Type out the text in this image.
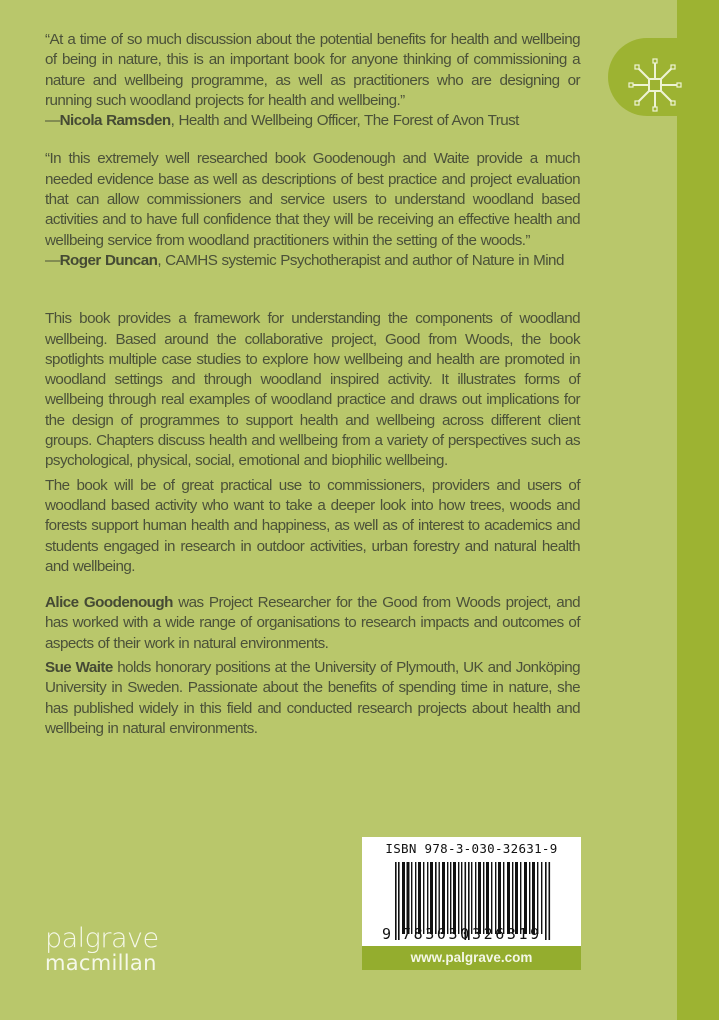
“At a time of so much discussion about the potential benefits for health and wellbeing of being in nature, this is an important book for anyone thinking of commissioning a nature and wellbeing programme, as well as practitioners who are designing or running such woodland projects for health and wellbeing.”

—Nicola Ramsden, Health and Wellbeing Officer, The Forest of Avon Trust

“In this extremely well researched book Goodenough and Waite provide a much needed evidence base as well as descriptions of best practice and project evaluation that can allow commissioners and service users to understand woodland based activities and to have full confidence that they will be receiving an effective health and wellbeing service from woodland practitioners within the setting of the woods.”

—Roger Duncan, CAMHS systemic Psychotherapist and author of Nature in Mind

This book provides a framework for understanding the components of woodland wellbeing. Based around the collaborative project, Good from Woods, the book spotlights multiple case studies to explore how wellbeing and health are promoted in woodland settings and through woodland inspired activity. It illustrates forms of wellbeing through real examples of woodland practice and draws out implications for the design of programmes to support health and wellbeing across different client groups. Chapters discuss health and wellbeing from a variety of perspectives such as psychological, physical, social, emotional and biophilic wellbeing.

The book will be of great practical use to commissioners, providers and users of woodland based activity who want to take a deeper look into how trees, woods and forests support human health and happiness, as well as of interest to academics and students engaged in research in outdoor activities, urban forestry and natural health and wellbeing.

Alice Goodenough was Project Researcher for the Good from Woods project, and has worked with a wide range of organisations to research impacts and outcomes of aspects of their work in natural environments.

Sue Waite holds honorary positions at the University of Plymouth, UK and Jonköping University in Sweden. Passionate about the benefits of spending time in nature, she has published widely in this field and conducted research projects about health and wellbeing in natural environments.

ISBN 978-3-030-32631-9
9 783030 326319
www.palgrave.com
palgrave
macmillan
